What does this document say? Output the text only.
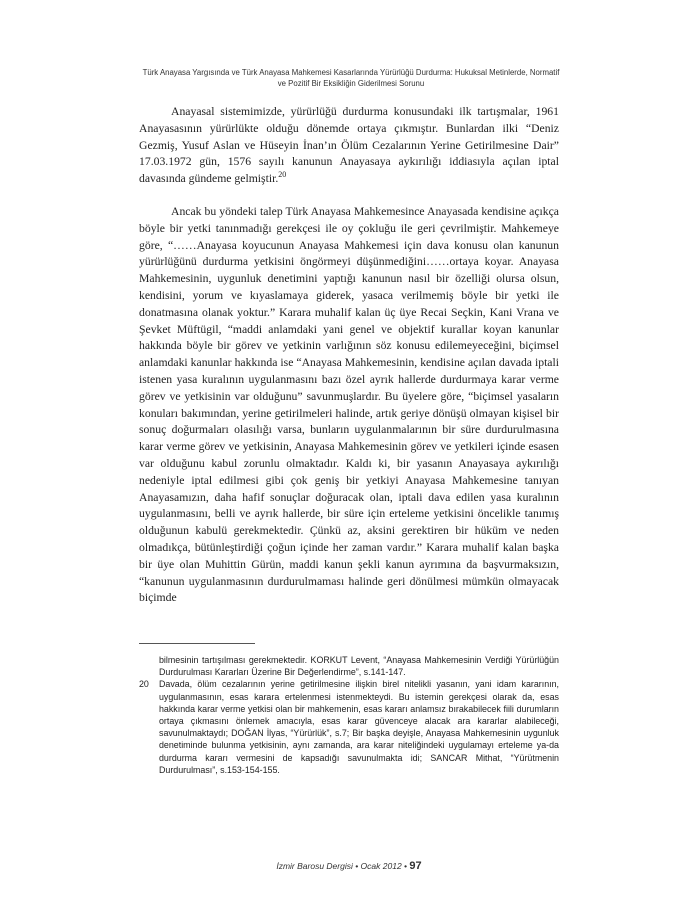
Türk Anayasa Yargısında ve Türk Anayasa Mahkemesi Kasarlarında Yürürlüğü Durdurma: Hukuksal Metinlerde, Normatif
ve Pozitif Bir Eksikliğin Giderilmesi Sorunu

Anayasal sistemimizde, yürürlüğü durdurma konusundaki ilk tartışmalar, 1961 Anayasasının yürürlükte olduğu dönemde ortaya çıkmıştır. Bunlardan ilki “Deniz Gezmiş, Yusuf Aslan ve Hüseyin İnan’ın Ölüm Cezalarının Yerine Getirilmesine Dair” 17.03.1972 gün, 1576 sayılı kanunun Anayasaya aykırılığı iddiasıyla açılan iptal davasında gündeme gelmiştir.$^{20}$

Ancak bu yöndeki talep Türk Anayasa Mahkemesince Anayasada kendisine açıkça böyle bir yetki tanınmadığı gerekçesi ile oy çokluğu ile geri çevrilmiştir. Mahkemeye göre, “……Anayasa koyucunun Anayasa Mahkemesi için dava konusu olan kanunun yürürlüğünü durdurma yetkisini öngörmeyi düşünmediğini……ortaya koyar. Anayasa Mahkemesinin, uygunluk denetimini yaptığı kanunun nasıl bir özelliği olursa olsun, kendisini, yorum ve kıyaslamaya giderek, yasaca verilmemiş böyle bir yetki ile donatmasına olanak yoktur.” Karara muhalif kalan üç üye Recai Seçkin, Kani Vrana ve Şevket Müftügil, “maddi anlamdaki yani genel ve objektif kurallar koyan kanunlar hakkında böyle bir görev ve yetkinin varlığının söz konusu edilemeyeceğini, biçimsel anlamdaki kanunlar hakkında ise “Anayasa Mahkemesinin, kendisine açılan davada iptali istenen yasa kuralının uygulanmasını bazı özel ayrık hallerde durdurmaya karar verme görev ve yetkisinin var olduğunu” savunmuşlardır. Bu üyelere göre, “biçimsel yasaların konuları bakımından, yerine getirilmeleri halinde, artık geriye dönüşü olmayan kişisel bir sonuç doğurmaları olasılığı varsa, bunların uygulanmalarının bir süre durdurulmasına karar verme görev ve yetkisinin, Anayasa Mahkemesinin görev ve yetkileri içinde esasen var olduğunu kabul zorunlu olmaktadır. Kaldı ki, bir yasanın Anayasaya aykırılığı nedeniyle iptal edilmesi gibi çok geniş bir yetkiyi Anayasa Mahkemesine tanıyan Anayasamızın, daha hafif sonuçlar doğuracak olan, iptali dava edilen yasa kuralının uygulanmasını, belli ve ayrık hallerde, bir süre için erteleme yetkisini öncelikle tanımış olduğunun kabulü gerekmektedir. Çünkü az, aksini gerektiren bir hüküm ve neden olmadıkça, bütünleştirdiği çoğun içinde her zaman vardır.” Karara muhalif kalan başka bir üye olan Muhittin Gürün, maddi kanun şekli kanun ayrımına da başvurmaksızın, “kanunun uygulanmasının durdurulmaması halinde geri dönülmesi mümkün olmayacak biçimde

bilmesinin tartışılması gerekmektedir. KORKUT Levent, “Anayasa Mahkemesinin Verdiği Yürürlüğün Durdurulması Kararları Üzerine Bir Değerlendirme”, s.141-147.

20	Davada, ölüm cezalarının yerine getirilmesine ilişkin birel nitelikli yasanın, yani idam kararının, uygulanmasının, esas karara ertelenmesi istenmekteydi. Bu istemin gerekçesi olarak da, esas hakkında karar verme yetkisi olan bir mahkemenin, esas kararı anlamsız bırakabilecek fiili durumların ortaya çıkmasını önlemek amacıyla, esas karar güvenceye alacak ara kararlar alabileceği, savunulmaktaydı; DOĞAN İlyas, “Yürürlük”, s.7; Bir başka deyişle, Anayasa Mahkemesinin uygunluk denetiminde bulunma yetkisinin, aynı zamanda, ara karar niteliğindeki uygulamayı erteleme ya-da durdurma kararı vermesini de kapsadığı savunulmakta idi; SANCAR Mithat, “Yürütmenin Durdurulması”, s.153-154-155.
İzmir Barosu Dergisi • Ocak 2012 • 97
